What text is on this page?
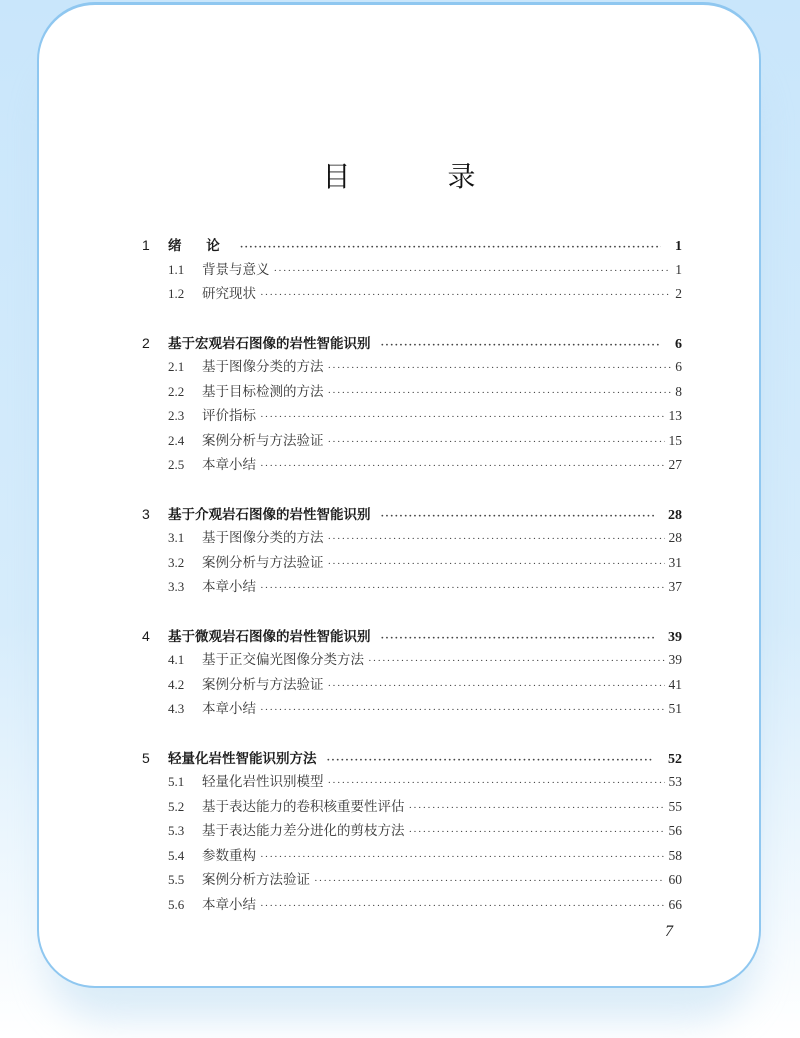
目 录
1	绪 论 ·····	1
1.1	背景与意义 ·····	1
1.2	研究现状 ·····	2
2	基于宏观岩石图像的岩性智能识别 ·····	6
2.1	基于图像分类的方法 ·····	6
2.2	基于目标检测的方法 ·····	8
2.3	评价指标 ·····	13
2.4	案例分析与方法验证 ·····	15
2.5	本章小结 ·····	27
3	基于介观岩石图像的岩性智能识别 ·····	28
3.1	基于图像分类的方法 ·····	28
3.2	案例分析与方法验证 ·····	31
3.3	本章小结 ·····	37
4	基于微观岩石图像的岩性智能识别 ·····	39
4.1	基于正交偏光图像分类方法 ·····	39
4.2	案例分析与方法验证 ·····	41
4.3	本章小结 ·····	51
5	轻量化岩性智能识别方法 ·····	52
5.1	轻量化岩性识别模型 ·····	53
5.2	基于表达能力的卷积核重要性评估 ·····	55
5.3	基于表达能力差分进化的剪枝方法 ·····	56
5.4	参数重构 ·····	58
5.5	案例分析方法验证 ·····	60
5.6	本章小结 ·····	66
7
